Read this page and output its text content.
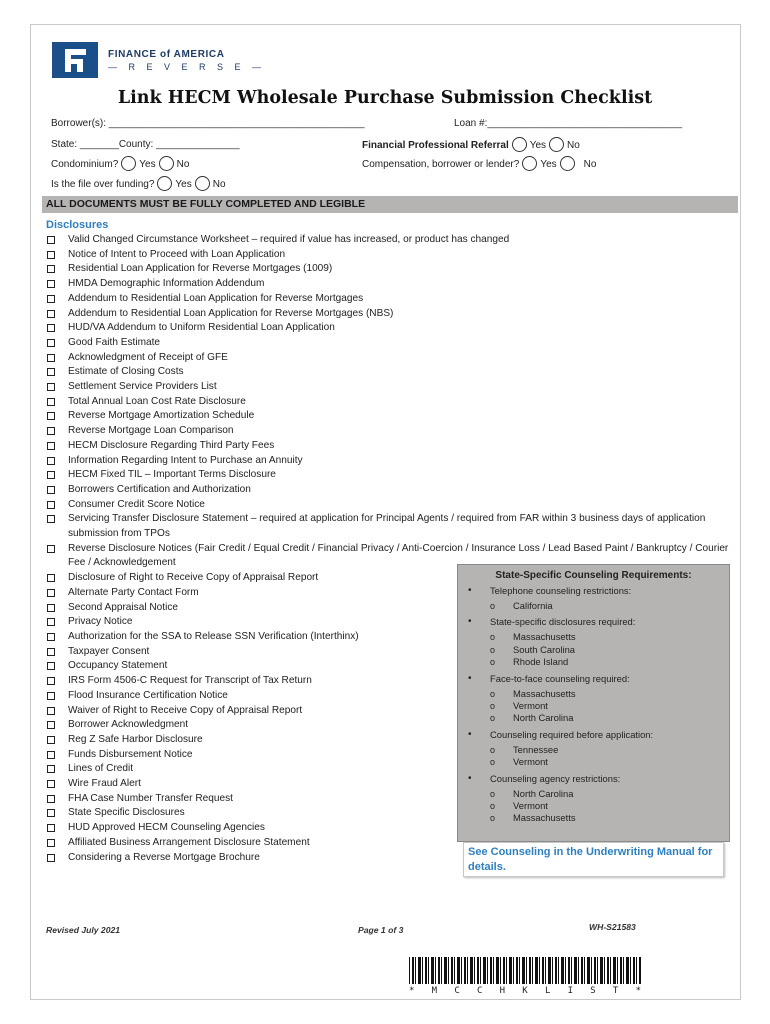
FINANCE of AMERICA
— R E V E R S E —
Link HECM Wholesale Purchase Submission Checklist
Borrower(s): ______________________________________________	Loan #:___________________________________
State: _______County: _______________	Financial Professional Referral Yes No
Condominium? Yes No	Compensation, borrower or lender? Yes	No
Is the file over funding? Yes No
ALL DOCUMENTS MUST BE FULLY COMPLETED AND LEGIBLE
Disclosures
Valid Changed Circumstance Worksheet – required if value has increased, or product has changed
Notice of Intent to Proceed with Loan Application
Residential Loan Application for Reverse Mortgages (1009)
HMDA Demographic Information Addendum
Addendum to Residential Loan Application for Reverse Mortgages
Addendum to Residential Loan Application for Reverse Mortgages (NBS)
HUD/VA Addendum to Uniform Residential Loan Application
Good Faith Estimate
Acknowledgment of Receipt of GFE
Estimate of Closing Costs
Settlement Service Providers List
Total Annual Loan Cost Rate Disclosure
Reverse Mortgage Amortization Schedule
Reverse Mortgage Loan Comparison
HECM Disclosure Regarding Third Party Fees
Information Regarding Intent to Purchase an Annuity
HECM Fixed TIL – Important Terms Disclosure
Borrowers Certification and Authorization
Consumer Credit Score Notice
Servicing Transfer Disclosure Statement – required at application for Principal Agents / required from FAR within 3 business days of application submission from TPOs
Reverse Disclosure Notices (Fair Credit / Equal Credit / Financial Privacy / Anti-Coercion / Insurance Loss / Lead Based Paint / Bankruptcy / Courier Fee / Acknowledgement
Disclosure of Right to Receive Copy of Appraisal Report
Alternate Party Contact Form
Second Appraisal Notice
Privacy Notice
Authorization for the SSA to Release SSN Verification (Interthinx)
Taxpayer Consent
Occupancy Statement
IRS Form 4506-C Request for Transcript of Tax Return
Flood Insurance Certification Notice
Waiver of Right to Receive Copy of Appraisal Report
Borrower Acknowledgment
Reg Z Safe Harbor Disclosure
Funds Disbursement Notice
Lines of Credit
Wire Fraud Alert
FHA Case Number Transfer Request
State Specific Disclosures
HUD Approved HECM Counseling Agencies
Affiliated Business Arrangement Disclosure Statement
Considering a Reverse Mortgage Brochure
State-Specific Counseling Requirements:
• Telephone counseling restrictions:
o California
• State-specific disclosures required:
o Massachusetts
o South Carolina
o Rhode Island
• Face-to-face counseling required:
o Massachusetts
o Vermont
o North Carolina
• Counseling required before application:
o Tennessee
o Vermont
• Counseling agency restrictions:
o North Carolina
o Vermont
o Massachusetts
See Counseling in the Underwriting Manual for details.
Revised July 2021	Page 1 of 3	WH-S21583
* M C C H K L I S T *
